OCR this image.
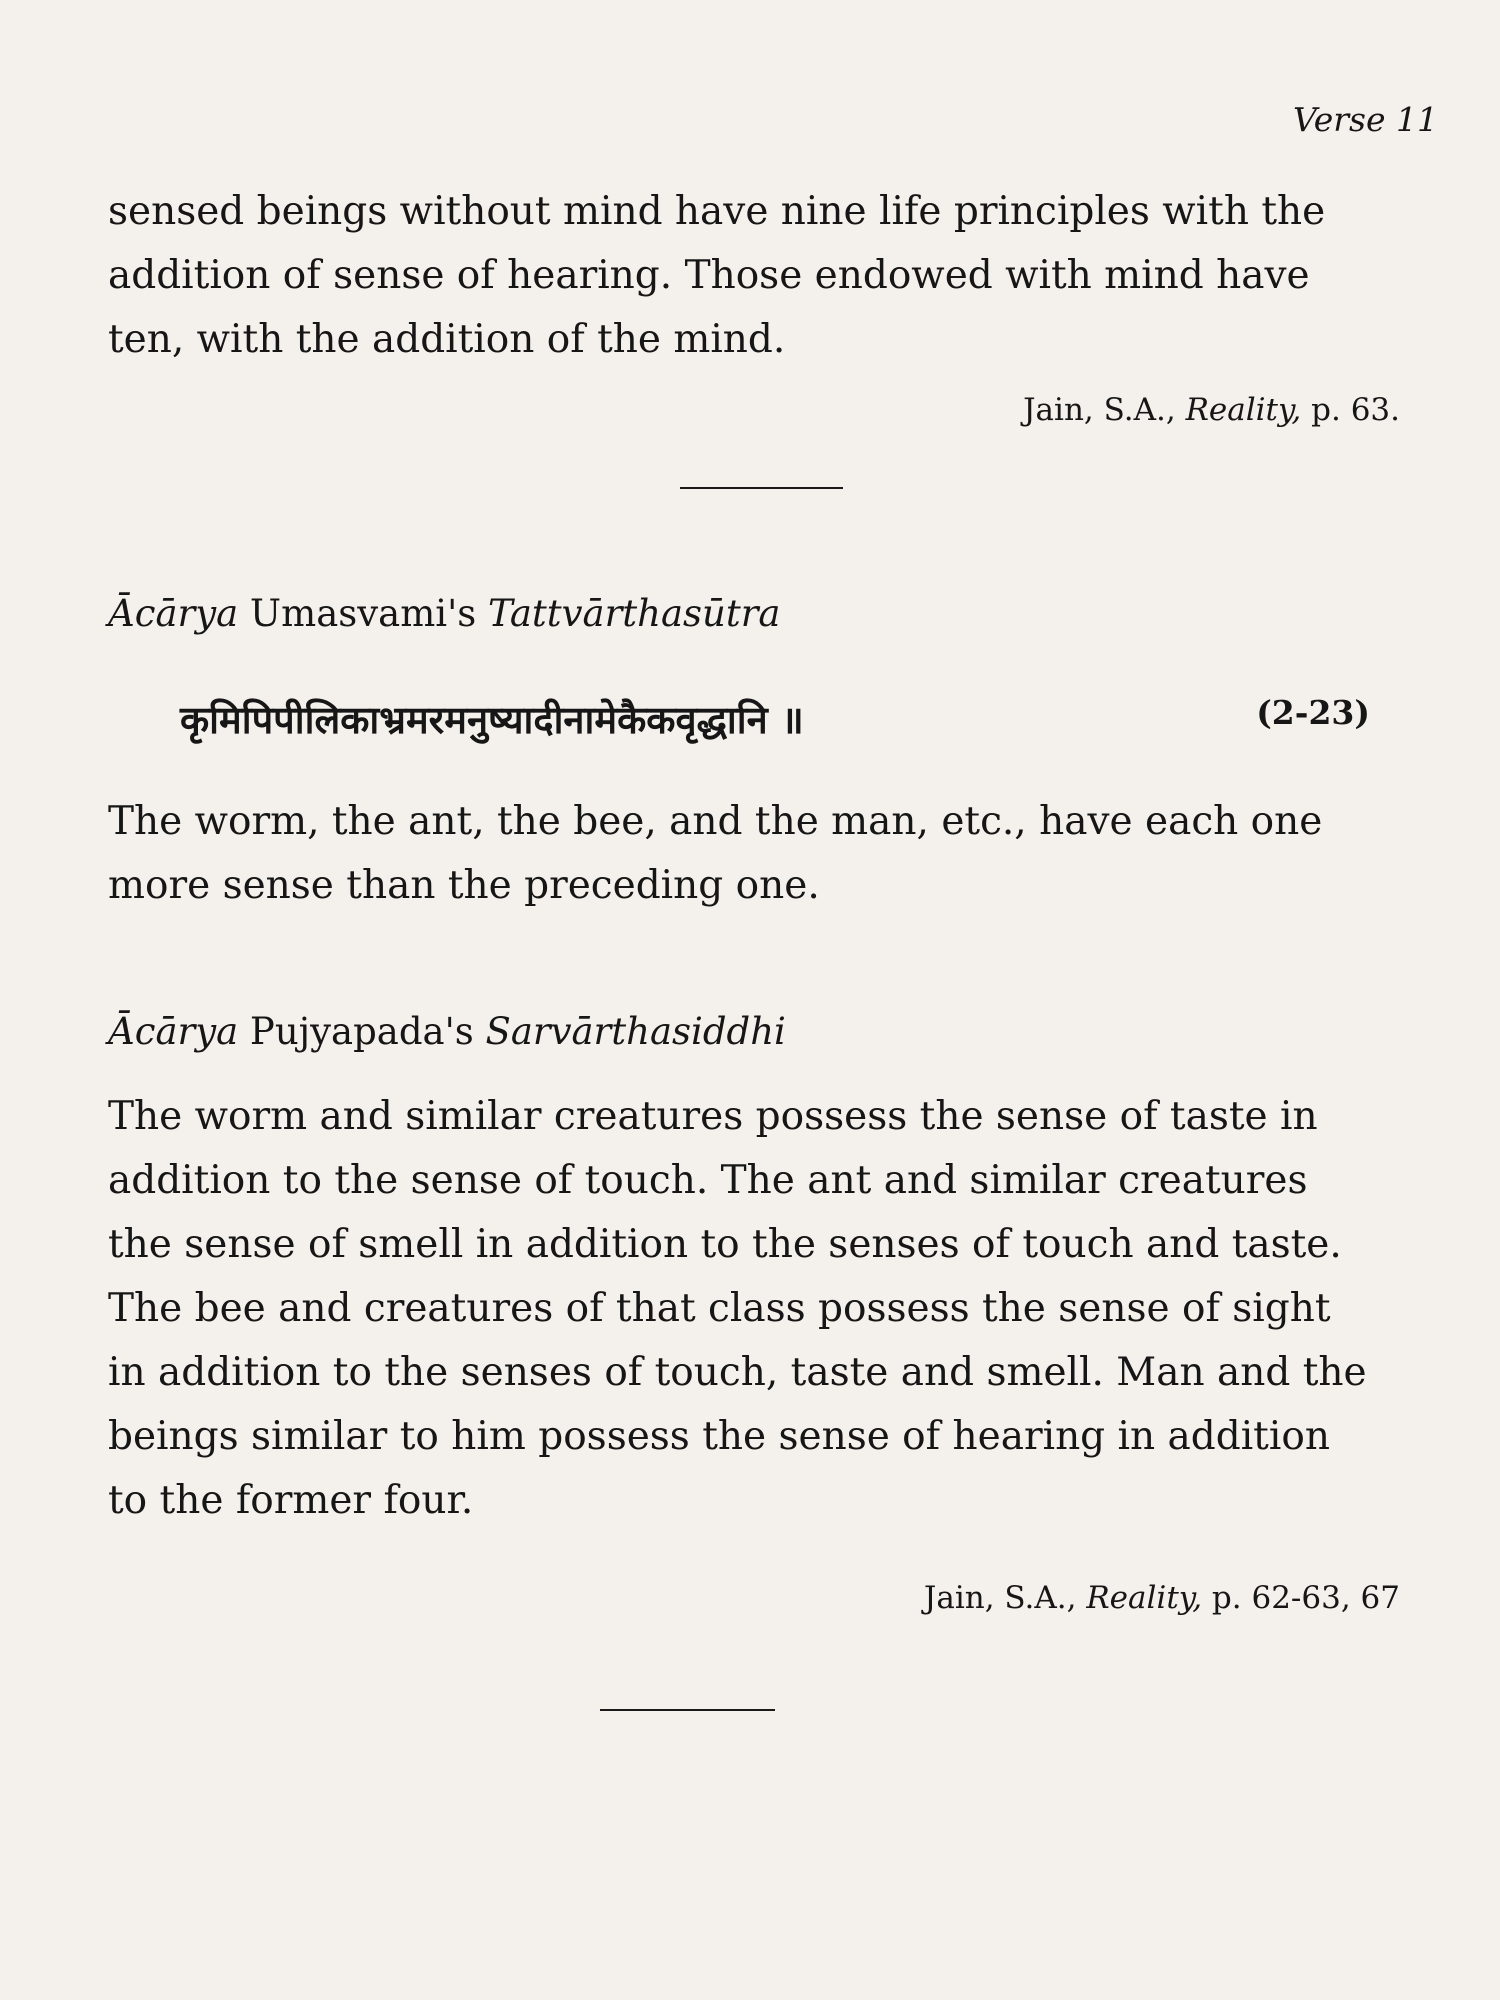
Verse 11
sensed beings without mind have nine life principles with the addition of sense of hearing. Those endowed with mind have ten, with the addition of the mind.
Jain, S.A., Reality, p. 63.
Ācārya Umasvami's Tattvārthasūtra
कृमिपिपीलिकाभ्रमरमनुष्यादीनामेकैकवृद्धानि ॥	(2-23)
The worm, the ant, the bee, and the man, etc., have each one more sense than the preceding one.
Ācārya Pujyapada's Sarvārthasiddhi
The worm and similar creatures possess the sense of taste in addition to the sense of touch. The ant and similar creatures the sense of smell in addition to the senses of touch and taste. The bee and creatures of that class possess the sense of sight in addition to the senses of touch, taste and smell. Man and the beings similar to him possess the sense of hearing in addition to the former four.
Jain, S.A., Reality, p. 62-63, 67
